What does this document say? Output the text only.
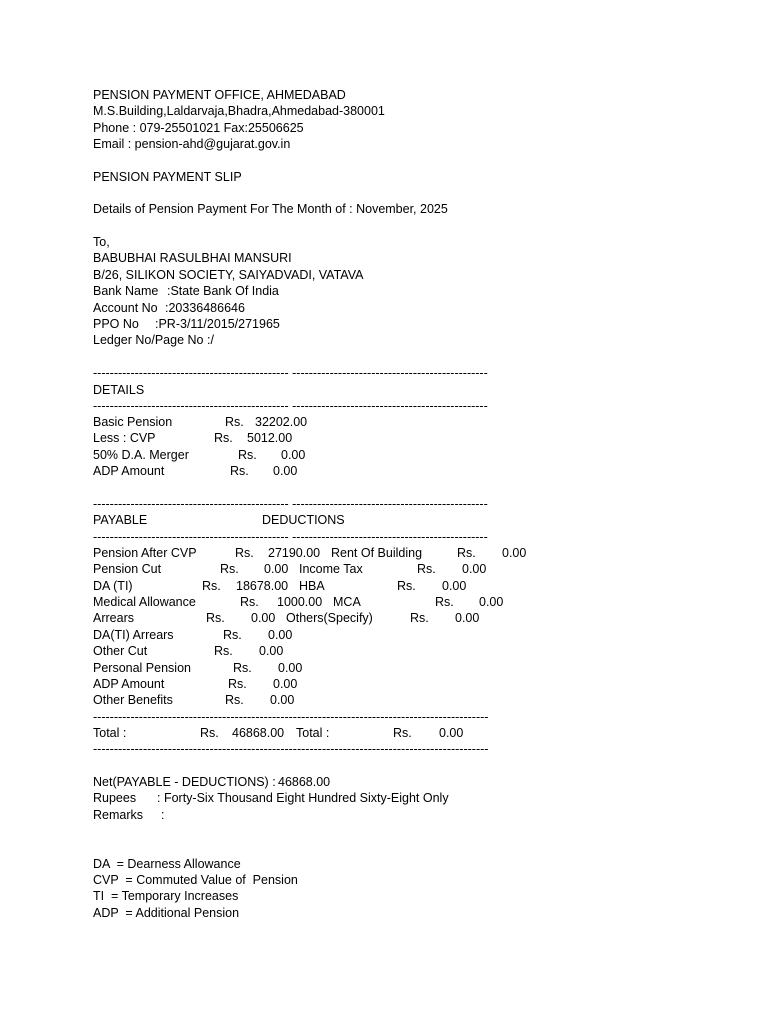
PENSION PAYMENT OFFICE, AHMEDABAD
M.S.Building,Laldarvaja,Bhadra,Ahmedabad-380001
Phone : 079-25501021 Fax:25506625
Email : pension-ahd@gujarat.gov.in
PENSION PAYMENT SLIP
Details of Pension Payment For The Month of : November, 2025
To,
BABUBHAI RASULBHAI MANSURI
B/26, SILIKON SOCIETY, SAIYADVADI, VATAVA
Bank Name :State Bank Of India
Account No :20336486646
PPO No :PR-3/11/2015/271965
Ledger No/Page No :/
----------------------------------------------- -----------------------------------------------
DETAILS
----------------------------------------------- -----------------------------------------------
Basic Pension	Rs. 32202.00
Less : CVP	Rs. 5012.00
50% D.A. Merger	Rs. 0.00
ADP Amount	Rs. 0.00
----------------------------------------------- -----------------------------------------------
PAYABLE	DEDUCTIONS
----------------------------------------------- -----------------------------------------------
Pension After CVP	Rs. 27190.00 Rent Of Building	Rs. 0.00
Pension Cut	Rs. 0.00 Income Tax	Rs. 0.00
DA (TI)	Rs. 18678.00 HBA	Rs. 0.00
Medical Allowance	Rs. 1000.00 MCA	Rs. 0.00
Arrears	Rs. 0.00 Others(Specify)	Rs. 0.00
DA(TI) Arrears	Rs. 0.00
Other Cut	Rs. 0.00
Personal Pension	Rs. 0.00
ADP Amount	Rs. 0.00
Other Benefits	Rs. 0.00
-----------------------------------------------------------------------------------------------
Total :	Rs. 46868.00 Total :	Rs. 0.00
-----------------------------------------------------------------------------------------------
Net(PAYABLE - DEDUCTIONS) : 46868.00
Rupees : Forty-Six Thousand Eight Hundred Sixty-Eight Only
Remarks :
DA  = Dearness Allowance
CVP  = Commuted Value of  Pension
TI  = Temporary Increases
ADP  = Additional Pension
